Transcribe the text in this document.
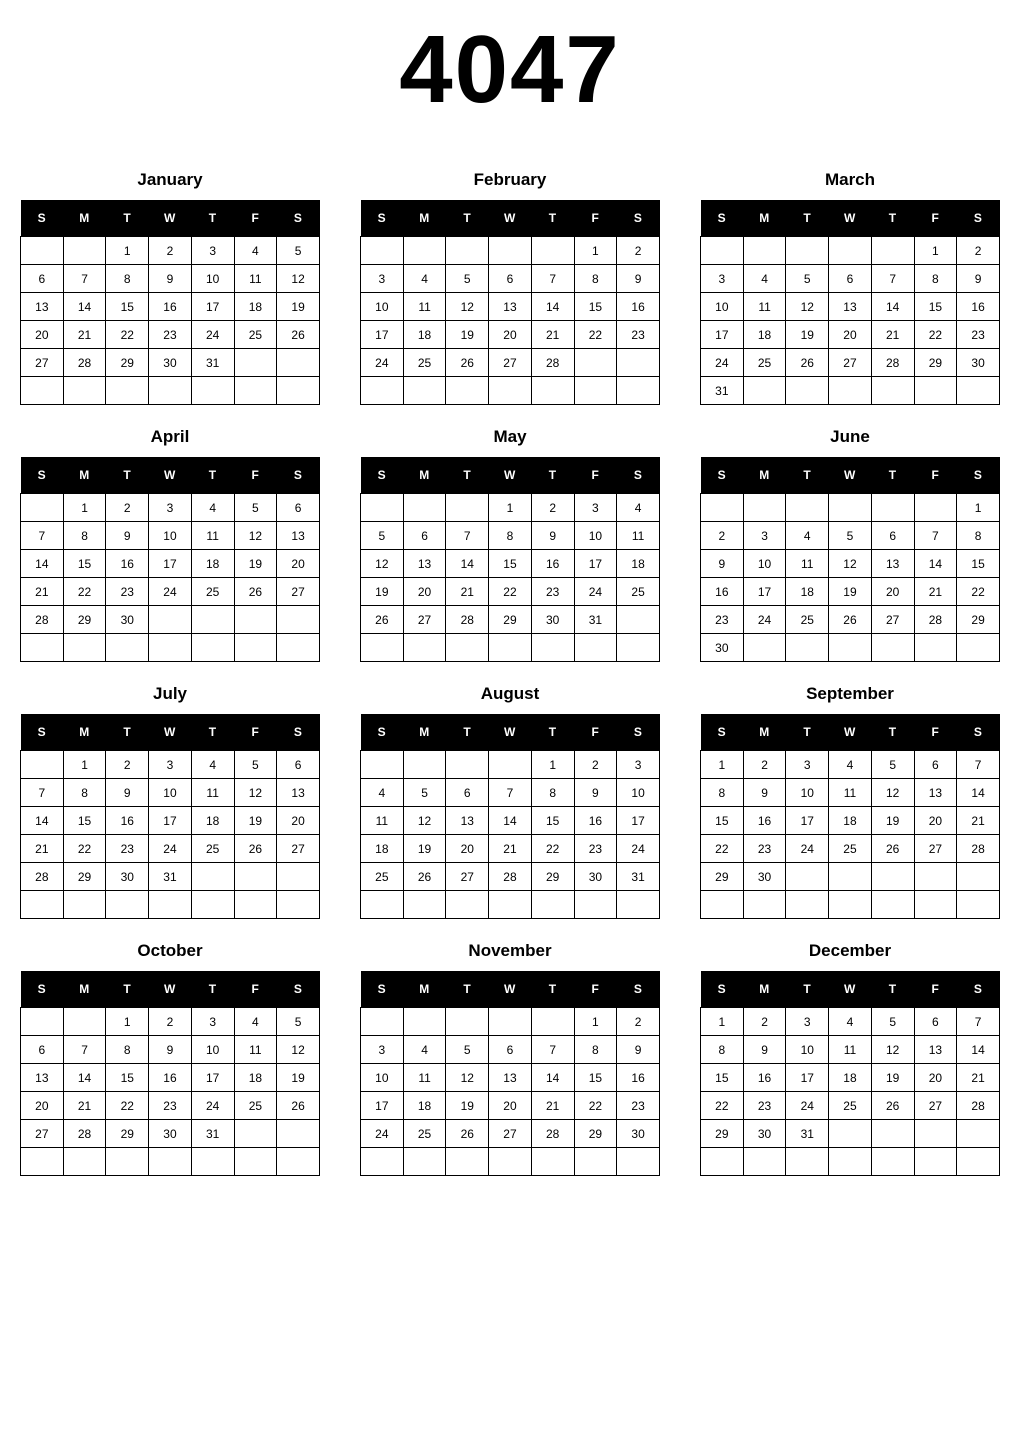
4047
January
S	M	T	W	T	F	S
		1	2	3	4	5
6	7	8	9	10	11	12
13	14	15	16	17	18	19
20	21	22	23	24	25	26
27	28	29	30	31		

February
S	M	T	W	T	F	S
					1	2
3	4	5	6	7	8	9
10	11	12	13	14	15	16
17	18	19	20	21	22	23
24	25	26	27	28		

March
S	M	T	W	T	F	S
					1	2
3	4	5	6	7	8	9
10	11	12	13	14	15	16
17	18	19	20	21	22	23
24	25	26	27	28	29	30
31						
April
S	M	T	W	T	F	S
	1	2	3	4	5	6
7	8	9	10	11	12	13
14	15	16	17	18	19	20
21	22	23	24	25	26	27
28	29	30				

May
S	M	T	W	T	F	S
			1	2	3	4
5	6	7	8	9	10	11
12	13	14	15	16	17	18
19	20	21	22	23	24	25
26	27	28	29	30	31	

June
S	M	T	W	T	F	S
						1
2	3	4	5	6	7	8
9	10	11	12	13	14	15
16	17	18	19	20	21	22
23	24	25	26	27	28	29
30						
July
S	M	T	W	T	F	S
	1	2	3	4	5	6
7	8	9	10	11	12	13
14	15	16	17	18	19	20
21	22	23	24	25	26	27
28	29	30	31			

August
S	M	T	W	T	F	S
				1	2	3
4	5	6	7	8	9	10
11	12	13	14	15	16	17
18	19	20	21	22	23	24
25	26	27	28	29	30	31

September
S	M	T	W	T	F	S
1	2	3	4	5	6	7
8	9	10	11	12	13	14
15	16	17	18	19	20	21
22	23	24	25	26	27	28
29	30					

October
S	M	T	W	T	F	S
		1	2	3	4	5
6	7	8	9	10	11	12
13	14	15	16	17	18	19
20	21	22	23	24	25	26
27	28	29	30	31		

November
S	M	T	W	T	F	S
					1	2
3	4	5	6	7	8	9
10	11	12	13	14	15	16
17	18	19	20	21	22	23
24	25	26	27	28	29	30

December
S	M	T	W	T	F	S
1	2	3	4	5	6	7
8	9	10	11	12	13	14
15	16	17	18	19	20	21
22	23	24	25	26	27	28
29	30	31				
